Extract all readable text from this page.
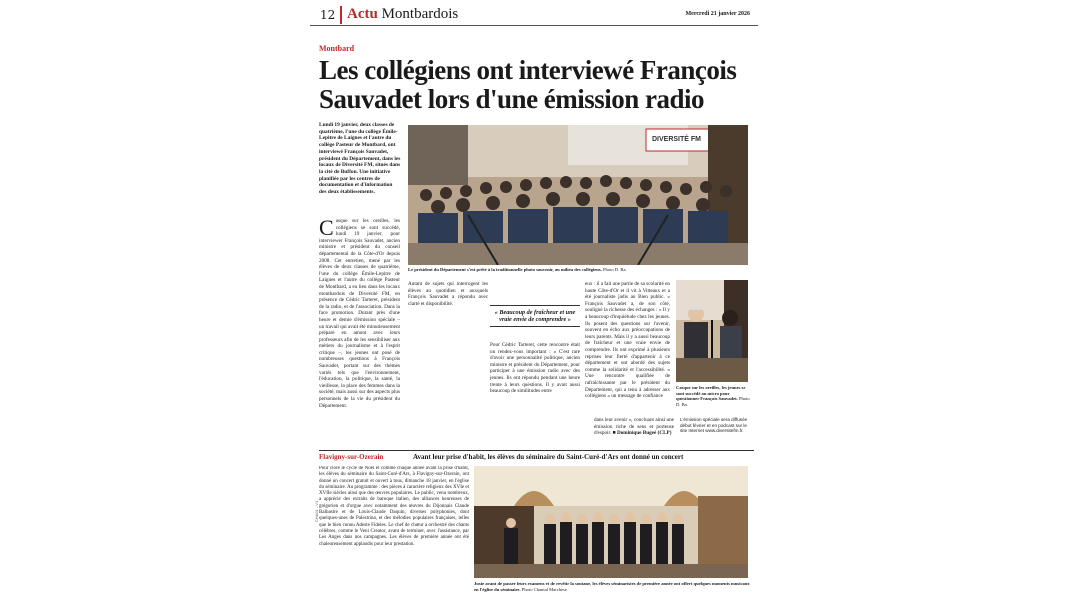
12 Actu Montbardois	Mercredi 21 janvier 2026
Montbard
Les collégiens ont interviewé François Sauvadet lors d'une émission radio
Lundi 19 janvier, deux classes de quatrième, l'une du collège Émile-Lepitre de Laignes et l'autre du collège Pasteur de Montbard, ont interviewé François Sauvadet, président du Département, dans les locaux de Diversité FM, situés dans la cité de Buffon. Une initiative planifiée par les centres de documentation et d'information des deux établissements.
DIVERSITÉ FM
Le président du Département s'est prêté à la traditionnelle photo souvenir, au milieu des collégiens. Photo D. Ba.
Casque sur les oreilles, les collégiens se sont succédé, lundi 19 janvier, pour interviewer François Sauvadet, ancien ministre et président du conseil départemental de la Côte-d'Or depuis 2008. Cet entretien, mené par les élèves de deux classes de quatrième, l'une du collège Émile-Lepitre de Laignes et l'autre du collège Pasteur de Montbard, a eu lieu dans les locaux montbardois de Diversité FM, en présence de Cédric Tarteret, président de la radio, et de l'association. Dans la face promotion. Durant près d'une heure et demie d'émission spéciale – un travail qui avait été minutieusement préparé en amont avec leurs professeurs afin de les sensibiliser aux métiers du journalisme et à l'esprit critique –, les jeunes ont posé de nombreuses questions à François Sauvadet, portant sur des thèmes variés tels que l'environnement, l'éducation, la politique, la santé, la vieillesse, la place des femmes dans la société, mais aussi sur des aspects plus personnels de la vie du président du Département.
Autant de sujets qui interrogent les élèves au quotidien et auxquels François Sauvadet a répondu avec clarté et disponibilité.
« Beaucoup de fraîcheur et une vraie envie de comprendre »
Pour Cédric Tarteret, cette rencontre était un rendez-vous important : « C'est rare d'avoir une personnalité politique, ancien ministre et président du Département, pour participer à une émission radio avec des jeunes. Ils ont répondu pendant une heure trente à leurs questions. Il y avait aussi beaucoup de similitudes entre
eux : il a fait une partie de sa scolarité en haute Côte-d'Or et il vit à Vitteaux et a été journaliste jadis au Bien public. » François Sauvadet a, de son côté, souligné la richesse des échanges : « Il y a beaucoup d'inquiétude chez les jeunes. Ils posent des questions sur l'avenir, souvent en écho aux préoccupations de leurs parents. Mais il y a aussi beaucoup de fraîcheur et une vraie envie de comprendre. Ils ont exprimé à plusieurs reprises leur fierté d'appartenir à ce département et ont abordé des sujets comme la solidarité et l'accessibilité. » Une rencontre qualifiée de rafraîchissante par le président du Département, qui a tenu à adresser aux collégiens « un message de confiance
Casque sur les oreilles, les jeunes se sont succédé au micro pour questionner François Sauvadet. Photo D. Ba.
dans leur avenir », concluant ainsi une émission riche de sens et porteuse d'espoir. ■ Dominique Bugeé (CLP)
L'émission spéciale sera diffusée début février et en podcast sur le site Internet www.diversitefm.fr.
Flavigny-sur-Ozerain	Avant leur prise d'habit, les élèves du séminaire du Saint-Curé-d'Ars ont donné un concert
Pour clore le cycle de Noël et comme chaque année avant la prise d'habit, les élèves du séminaire du Saint-Curé-d'Ars, à Flavigny-sur-Ozerain, ont donné un concert gratuit et ouvert à tous, dimanche 18 janvier, en l'église du séminaire. Au programme : des pièces à caractère religieux des XVIe et XVIIe siècles ainsi que des œuvres populaires. Le public, venu nombreux, a apprécié des extraits de baroque italien, des alliances heureuses de grégorien et d'orgue avec notamment des œuvres du Dijonnais Claude Balbastre et de Louis-Claude Daquin, diverses polyphonies, dont quelques-unes de Palestrina, et des mélodies populaires françaises, telles que le bien connu Adeste Fideles. Le chef de chœur a orchestré des chants célèbres, comme le Veni Creator, avant de terminer, avec l'assistance, par Les Anges dans nos campagnes. Les élèves de première année ont été chaleureusement applaudis pour leur prestation.
Juste avant de passer leurs examens et de revêtir la soutane, les élèves séminaristes de première année ont offert quelques moments musicaux en l'église du séminaire. Photo Chantal Marchese
CHA01 - V1
